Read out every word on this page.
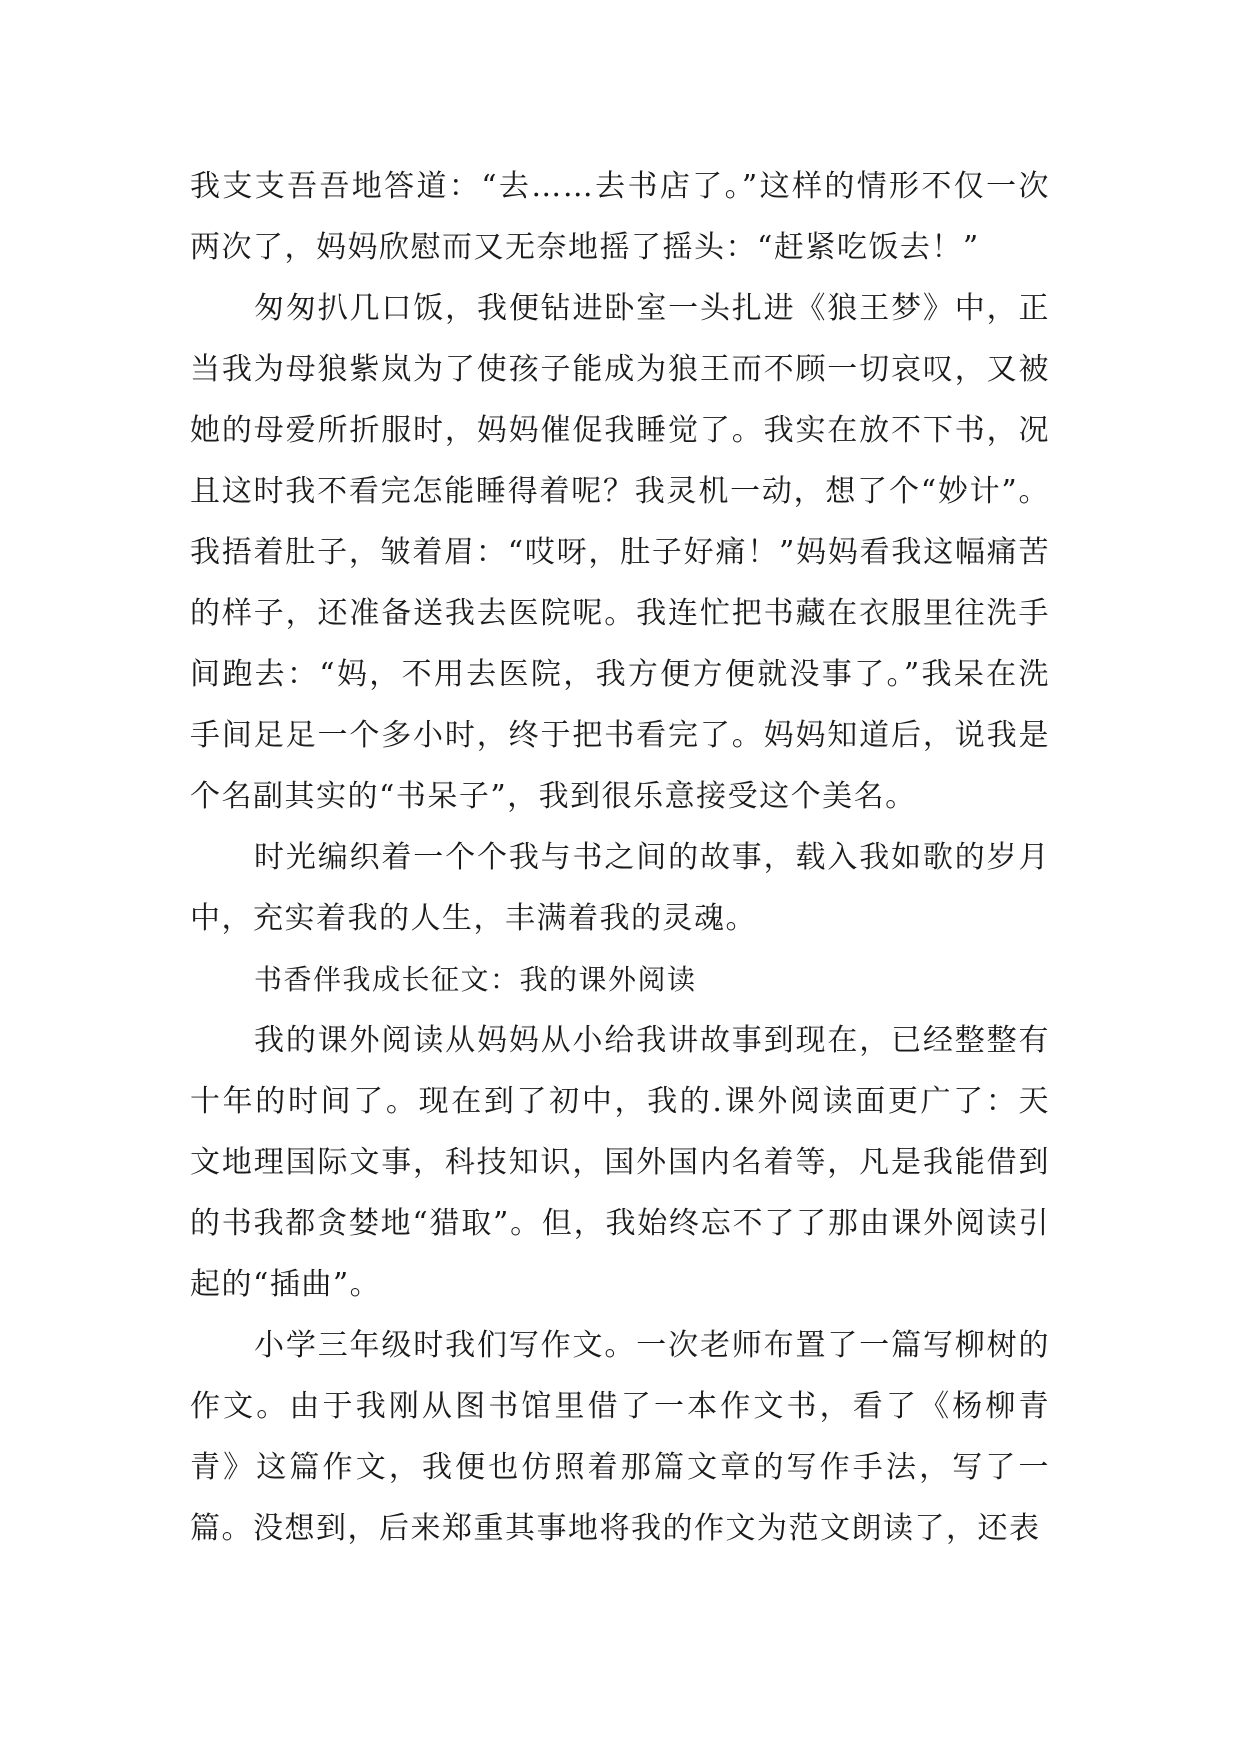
我支支吾吾地答道：“去……去书店了。”这样的情形不仅一次两次了，妈妈欣慰而又无奈地摇了摇头：“赶紧吃饭去！”

匆匆扒几口饭，我便钻进卧室一头扎进《狼王梦》中，正当我为母狼紫岚为了使孩子能成为狼王而不顾一切哀叹，又被她的母爱所折服时，妈妈催促我睡觉了。我实在放不下书，况且这时我不看完怎能睡得着呢？我灵机一动，想了个“妙计”。我捂着肚子，皱着眉：“哎呀，肚子好痛！”妈妈看我这幅痛苦的样子，还准备送我去医院呢。我连忙把书藏在衣服里往洗手间跑去：“妈，不用去医院，我方便方便就没事了。”我呆在洗手间足足一个多小时，终于把书看完了。妈妈知道后，说我是个名副其实的“书呆子”，我到很乐意接受这个美名。

时光编织着一个个我与书之间的故事，载入我如歌的岁月中，充实着我的人生，丰满着我的灵魂。

书香伴我成长征文：我的课外阅读

我的课外阅读从妈妈从小给我讲故事到现在，已经整整有十年的时间了。现在到了初中，我的.课外阅读面更广了：天文地理国际文事，科技知识，国外国内名着等，凡是我能借到的书我都贪婪地“猎取”。但，我始终忘不了了那由课外阅读引起的“插曲”。

小学三年级时我们写作文。一次老师布置了一篇写柳树的作文。由于我刚从图书馆里借了一本作文书，看了《杨柳青青》这篇作文，我便也仿照着那篇文章的写作手法，写了一篇。没想到，后来郑重其事地将我的作文为范文朗读了，还表
